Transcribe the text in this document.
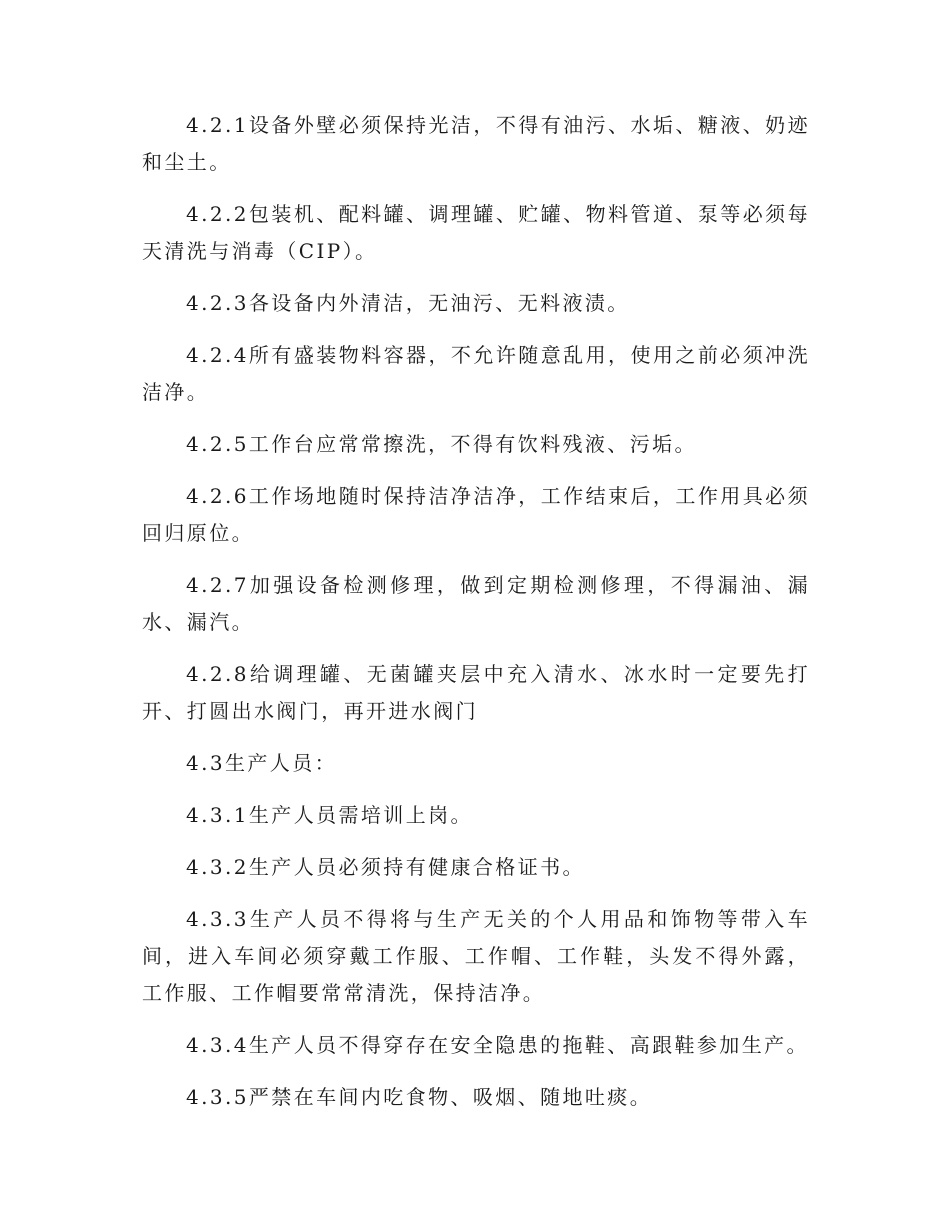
4.2.1设备外壁必须保持光洁，不得有油污、水垢、糖液、奶迹和尘土。

4.2.2包装机、配料罐、调理罐、贮罐、物料管道、泵等必须每天清洗与消毒（CIP）。

4.2.3各设备内外清洁，无油污、无料液渍。

4.2.4所有盛装物料容器，不允许随意乱用，使用之前必须冲洗洁净。

4.2.5工作台应常常擦洗，不得有饮料残液、污垢。

4.2.6工作场地随时保持洁净洁净，工作结束后，工作用具必须回归原位。

4.2.7加强设备检测修理，做到定期检测修理，不得漏油、漏水、漏汽。

4.2.8给调理罐、无菌罐夹层中充入清水、冰水时一定要先打开、打圆出水阀门，再开进水阀门

4.3生产人员：

4.3.1生产人员需培训上岗。

4.3.2生产人员必须持有健康合格证书。

4.3.3生产人员不得将与生产无关的个人用品和饰物等带入车间，进入车间必须穿戴工作服、工作帽、工作鞋，头发不得外露，工作服、工作帽要常常清洗，保持洁净。

4.3.4生产人员不得穿存在安全隐患的拖鞋、高跟鞋参加生产。

4.3.5严禁在车间内吃食物、吸烟、随地吐痰。
